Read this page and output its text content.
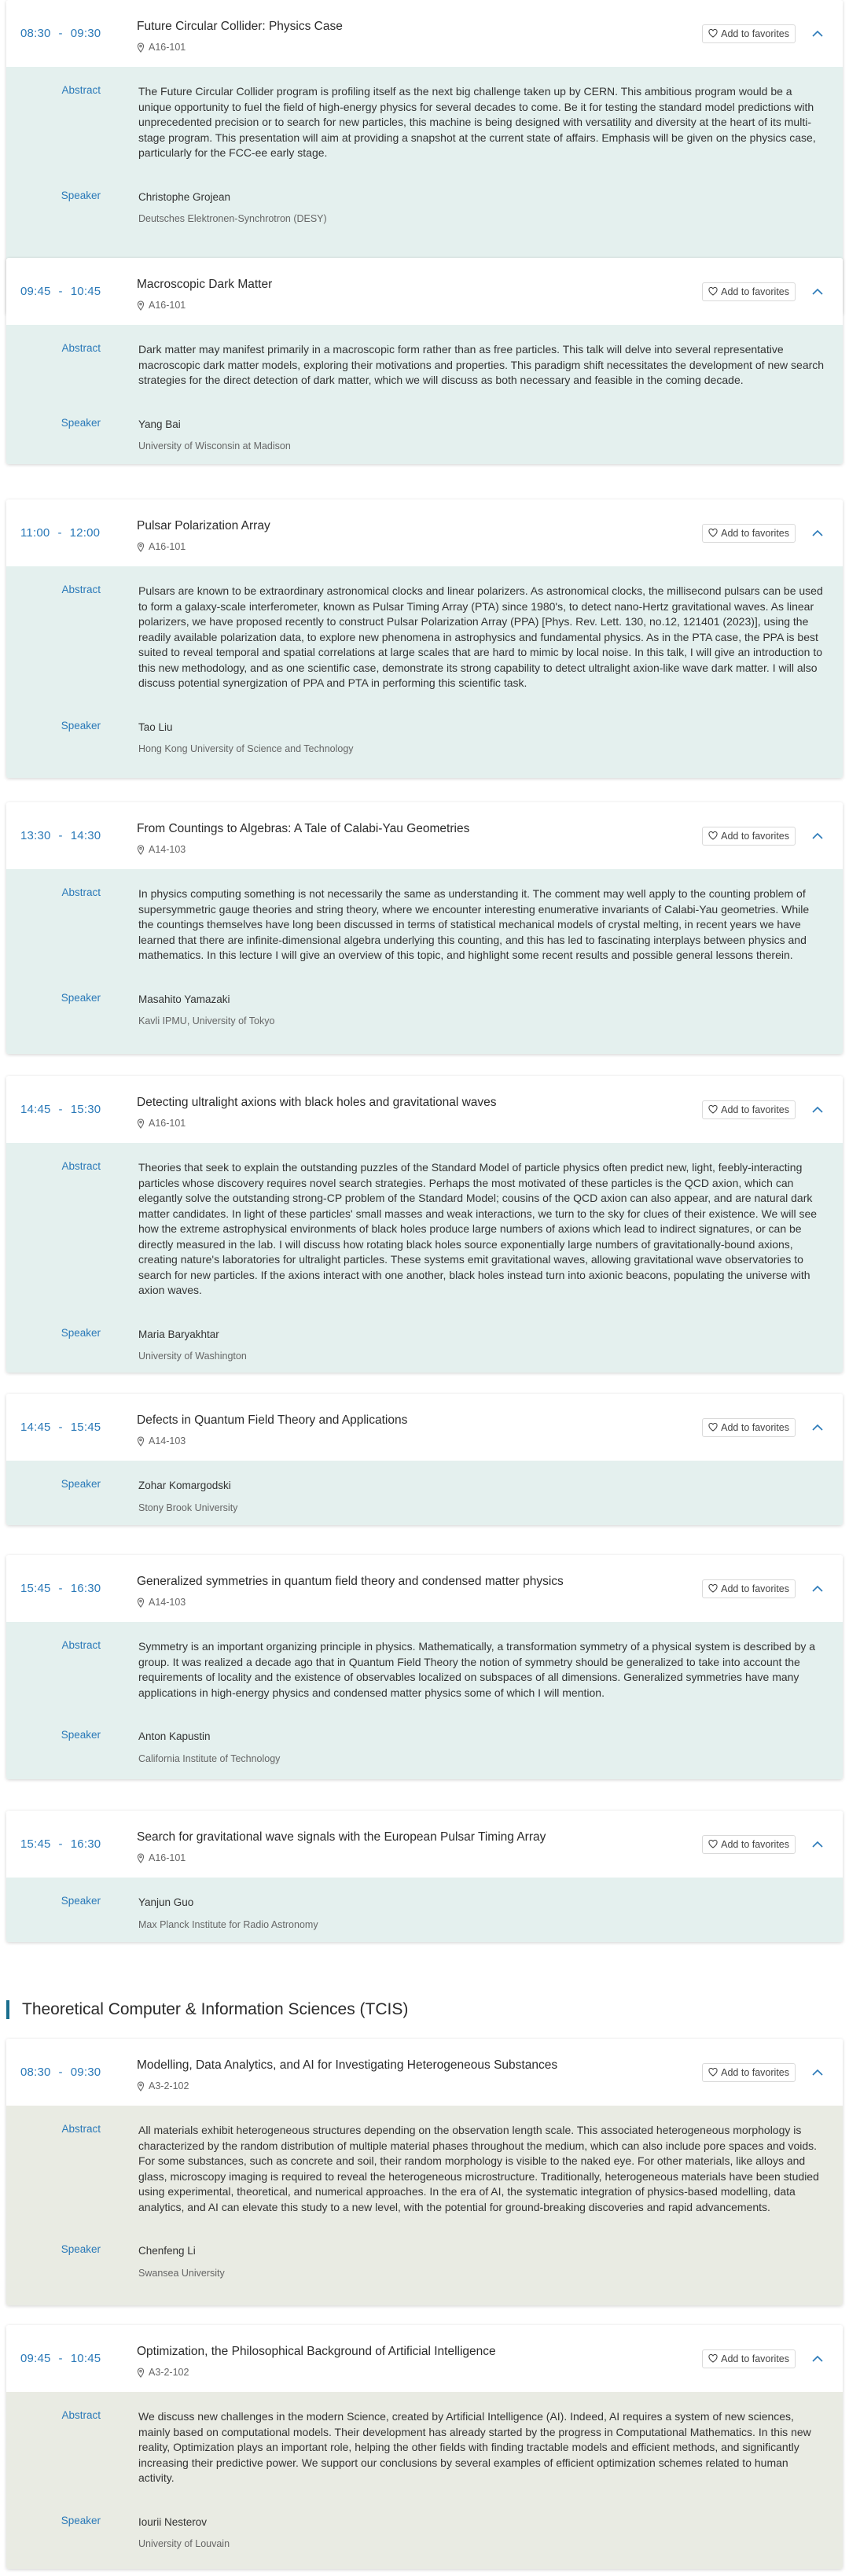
08:30 - 09:30
Future Circular Collider: Physics Case
A16-101
Add to favorites
Abstract	The Future Circular Collider program is profiling itself as the next big challenge taken up by CERN. This ambitious program would be a unique opportunity to fuel the field of high-energy physics for several decades to come. Be it for testing the standard model predictions with unprecedented precision or to search for new particles, this machine is being designed with versatility and diversity at the heart of its multi-stage program. This presentation will aim at providing a snapshot at the current state of affairs. Emphasis will be given on the physics case, particularly for the FCC-ee early stage.
Speaker	Christophe Grojean
Deutsches Elektronen-Synchrotron (DESY)
09:45 - 10:45
Macroscopic Dark Matter
A16-101
Add to favorites
Abstract	Dark matter may manifest primarily in a macroscopic form rather than as free particles. This talk will delve into several representative macroscopic dark matter models, exploring their motivations and properties. This paradigm shift necessitates the development of new search strategies for the direct detection of dark matter, which we will discuss as both necessary and feasible in the coming decade.
Speaker	Yang Bai
University of Wisconsin at Madison
11:00 - 12:00
Pulsar Polarization Array
A16-101
Add to favorites
Abstract	Pulsars are known to be extraordinary astronomical clocks and linear polarizers. As astronomical clocks, the millisecond pulsars can be used to form a galaxy-scale interferometer, known as Pulsar Timing Array (PTA) since 1980's, to detect nano-Hertz gravitational waves. As linear polarizers, we have proposed recently to construct Pulsar Polarization Array (PPA) [Phys. Rev. Lett. 130, no.12, 121401 (2023)], using the readily available polarization data, to explore new phenomena in astrophysics and fundamental physics. As in the PTA case, the PPA is best suited to reveal temporal and spatial correlations at large scales that are hard to mimic by local noise. In this talk, I will give an introduction to this new methodology, and as one scientific case, demonstrate its strong capability to detect ultralight axion-like wave dark matter. I will also discuss potential synergization of PPA and PTA in performing this scientific task.
Speaker	Tao Liu
Hong Kong University of Science and Technology
13:30 - 14:30
From Countings to Algebras: A Tale of Calabi-Yau Geometries
A14-103
Add to favorites
Abstract	In physics computing something is not necessarily the same as understanding it. The comment may well apply to the counting problem of supersymmetric gauge theories and string theory, where we encounter interesting enumerative invariants of Calabi-Yau geometries. While the countings themselves have long been discussed in terms of statistical mechanical models of crystal melting, in recent years we have learned that there are infinite-dimensional algebra underlying this counting, and this has led to fascinating interplays between physics and mathematics. In this lecture I will give an overview of this topic, and highlight some recent results and possible general lessons therein.
Speaker	Masahito Yamazaki
Kavli IPMU, University of Tokyo
14:45 - 15:30
Detecting ultralight axions with black holes and gravitational waves
A16-101
Add to favorites
Abstract	Theories that seek to explain the outstanding puzzles of the Standard Model of particle physics often predict new, light, feebly-interacting particles whose discovery requires novel search strategies. Perhaps the most motivated of these particles is the QCD axion, which can elegantly solve the outstanding strong-CP problem of the Standard Model; cousins of the QCD axion can also appear, and are natural dark matter candidates. In light of these particles' small masses and weak interactions, we turn to the sky for clues of their existence. We will see how the extreme astrophysical environments of black holes produce large numbers of axions which lead to indirect signatures, or can be directly measured in the lab. I will discuss how rotating black holes source exponentially large numbers of gravitationally-bound axions, creating nature's laboratories for ultralight particles. These systems emit gravitational waves, allowing gravitational wave observatories to search for new particles. If the axions interact with one another, black holes instead turn into axionic beacons, populating the universe with axion waves.
Speaker	Maria Baryakhtar
University of Washington
14:45 - 15:45
Defects in Quantum Field Theory and Applications
A14-103
Add to favorites
Speaker	Zohar Komargodski
Stony Brook University
15:45 - 16:30
Generalized symmetries in quantum field theory and condensed matter physics
A14-103
Add to favorites
Abstract	Symmetry is an important organizing principle in physics. Mathematically, a transformation symmetry of a physical system is described by a group. It was realized a decade ago that in Quantum Field Theory the notion of symmetry should be generalized to take into account the requirements of locality and the existence of observables localized on subspaces of all dimensions. Generalized symmetries have many applications in high-energy physics and condensed matter physics some of which I will mention.
Speaker	Anton Kapustin
California Institute of Technology
15:45 - 16:30
Search for gravitational wave signals with the European Pulsar Timing Array
A16-101
Add to favorites
Speaker	Yanjun Guo
Max Planck Institute for Radio Astronomy
Theoretical Computer & Information Sciences (TCIS)
08:30 - 09:30
Modelling, Data Analytics, and AI for Investigating Heterogeneous Substances
A3-2-102
Add to favorites
Abstract	All materials exhibit heterogeneous structures depending on the observation length scale. This associated heterogeneous morphology is characterized by the random distribution of multiple material phases throughout the medium, which can also include pore spaces and voids. For some substances, such as concrete and soil, their random morphology is visible to the naked eye. For other materials, like alloys and glass, microscopy imaging is required to reveal the heterogeneous microstructure. Traditionally, heterogeneous materials have been studied using experimental, theoretical, and numerical approaches. In the era of AI, the systematic integration of physics-based modelling, data analytics, and AI can elevate this study to a new level, with the potential for ground-breaking discoveries and rapid advancements.
Speaker	Chenfeng Li
Swansea University
09:45 - 10:45
Optimization, the Philosophical Background of Artificial Intelligence
A3-2-102
Add to favorites
Abstract	We discuss new challenges in the modern Science, created by Artificial Intelligence (AI). Indeed, AI requires a system of new sciences, mainly based on computational models. Their development has already started by the progress in Computational Mathematics. In this new reality, Optimization plays an important role, helping the other fields with finding tractable models and efficient methods, and significantly increasing their predictive power. We support our conclusions by several examples of efficient optimization schemes related to human activity.
Speaker	Iourii Nesterov
University of Louvain
